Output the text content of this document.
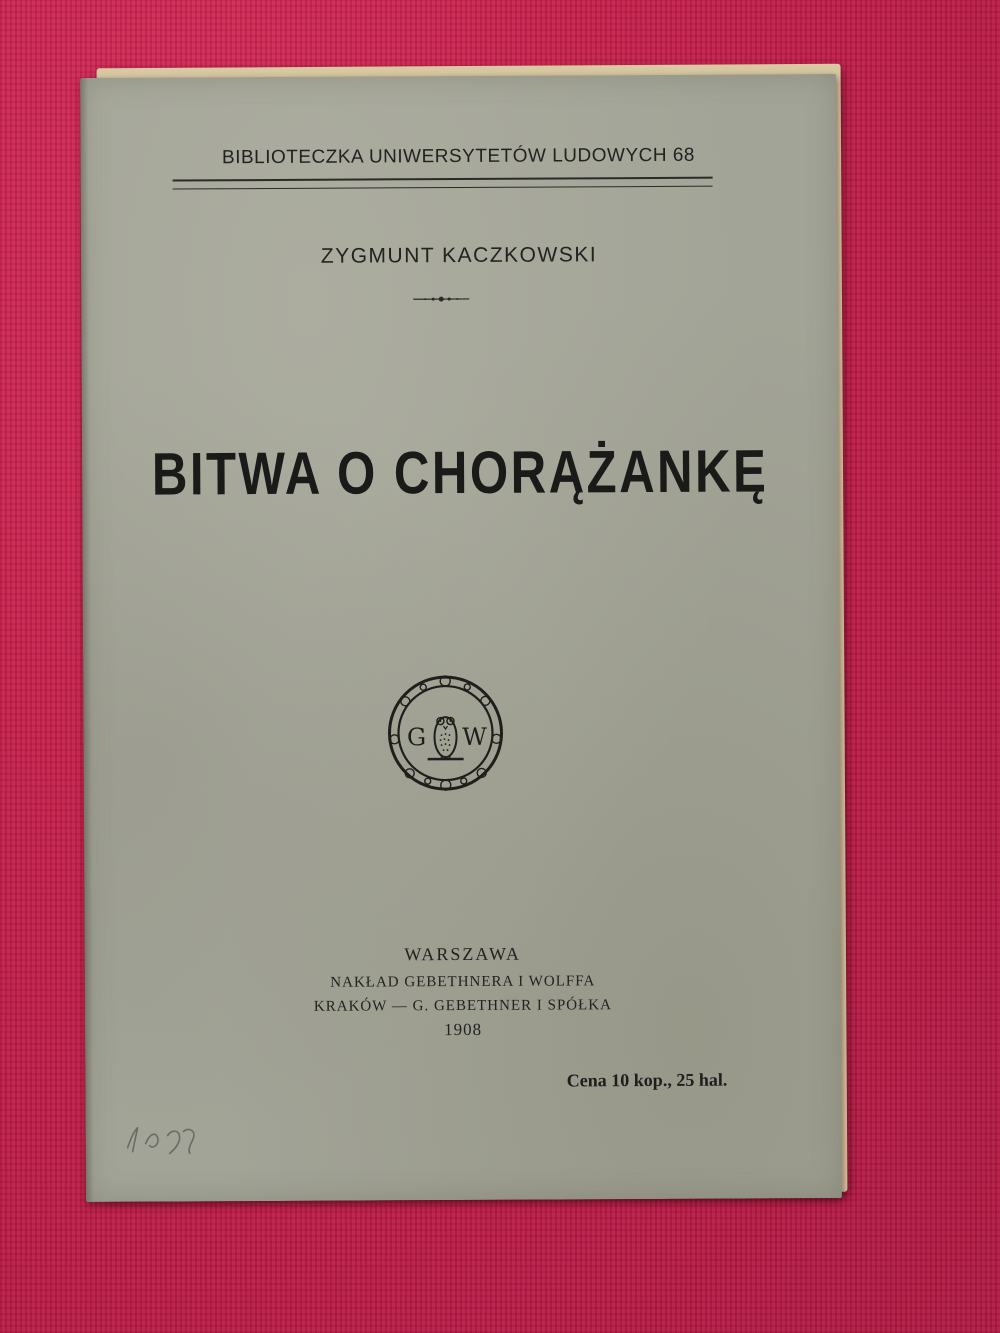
BIBLIOTECZKA UNIWERSYTETÓW LUDOWYCH 68
ZYGMUNT KACZKOWSKI
BITWA O CHORĄŻANKĘ
G W
WARSZAWA
NAKŁAD GEBETHNERA I WOLFFA
KRAKÓW — G. GEBETHNER I SPÓŁKA
1908
Cena 10 kop., 25 hal.
